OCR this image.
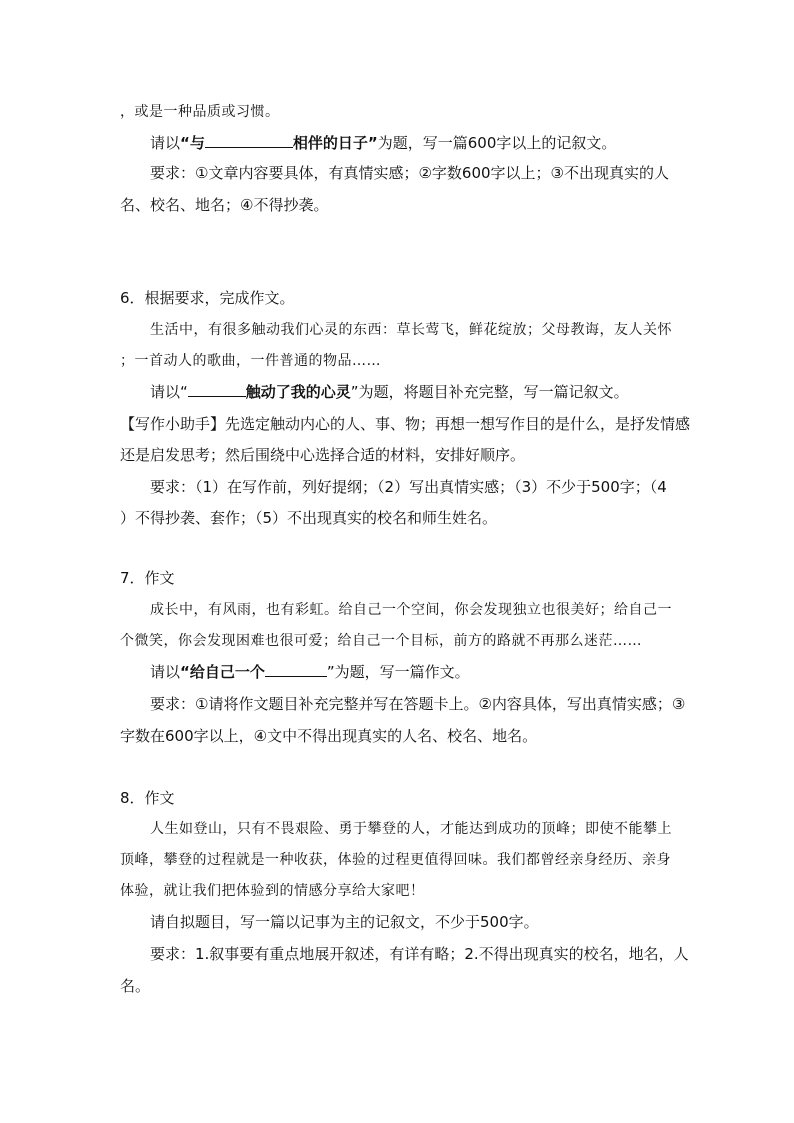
，或是一种品质或习惯。
请以“与	相伴的日子”为题，写一篇600字以上的记叙文。
要求：①文章内容要具体，有真情实感；②字数600字以上；③不出现真实的人
名、校名、地名；④不得抄袭。
6．根据要求，完成作文。
生活中，有很多触动我们心灵的东西：草长莺飞，鲜花绽放；父母教诲，友人关怀
；一首动人的歌曲，一件普通的物品……
请以“	触动了我的心灵”为题，将题目补充完整，写一篇记叙文。
【写作小助手】先选定触动内心的人、事、物；再想一想写作目的是什么，是抒发情感
还是启发思考；然后围绕中心选择合适的材料，安排好顺序。
要求：（1）在写作前，列好提纲；（2）写出真情实感；（3）不少于500字；（4
）不得抄袭、套作；（5）不出现真实的校名和师生姓名。
7．作文
成长中，有风雨，也有彩虹。给自己一个空间，你会发现独立也很美好；给自己一
个微笑，你会发现困难也很可爱；给自己一个目标，前方的路就不再那么迷茫……
请以“给自己一个	”为题，写一篇作文。
要求：①请将作文题目补充完整并写在答题卡上。②内容具体，写出真情实感；③
字数在600字以上，④文中不得出现真实的人名、校名、地名。
8．作文
人生如登山，只有不畏艰险、勇于攀登的人，才能达到成功的顶峰；即使不能攀上
顶峰，攀登的过程就是一种收获，体验的过程更值得回味。我们都曾经亲身经历、亲身
体验，就让我们把体验到的情感分享给大家吧！
请自拟题目，写一篇以记事为主的记叙文，不少于500字。
要求：1.叙事要有重点地展开叙述，有详有略；2.不得出现真实的校名，地名，人
名。
